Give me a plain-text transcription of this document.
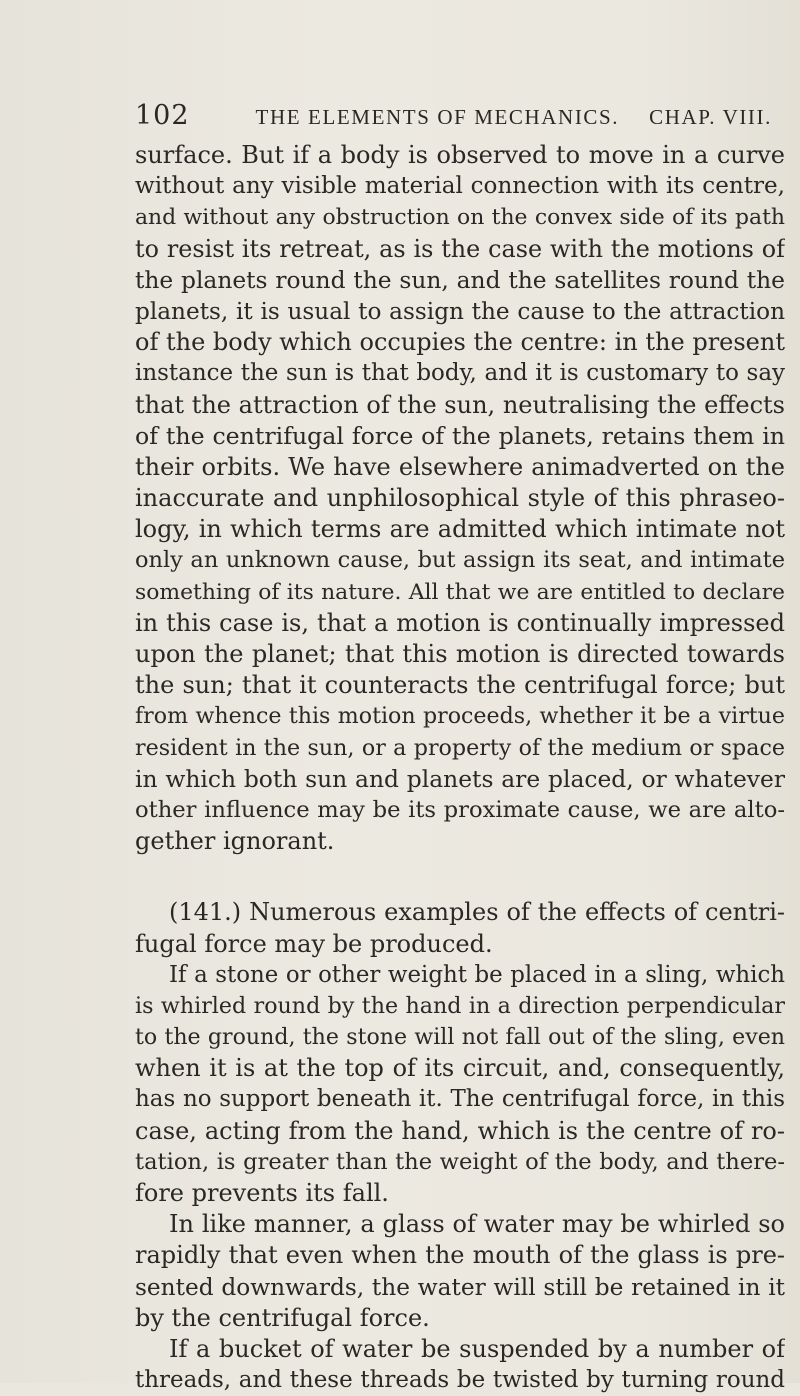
102	THE ELEMENTS OF MECHANICS. CHAP. VIII.
surface. But if a body is observed to move in a curve
without any visible material connection with its centre,
and without any obstruction on the convex side of its path
to resist its retreat, as is the case with the motions of
the planets round the sun, and the satellites round the
planets, it is usual to assign the cause to the attraction
of the body which occupies the centre: in the present
instance the sun is that body, and it is customary to say
that the attraction of the sun, neutralising the effects
of the centrifugal force of the planets, retains them in
their orbits. We have elsewhere animadverted on the
inaccurate and unphilosophical style of this phraseo-
logy, in which terms are admitted which intimate not
only an unknown cause, but assign its seat, and intimate
something of its nature. All that we are entitled to declare
in this case is, that a motion is continually impressed
upon the planet; that this motion is directed towards
the sun; that it counteracts the centrifugal force; but
from whence this motion proceeds, whether it be a virtue
resident in the sun, or a property of the medium or space
in which both sun and planets are placed, or whatever
other influence may be its proximate cause, we are alto-
gether ignorant.
(141.) Numerous examples of the effects of centri-
fugal force may be produced.
If a stone or other weight be placed in a sling, which
is whirled round by the hand in a direction perpendicular
to the ground, the stone will not fall out of the sling, even
when it is at the top of its circuit, and, consequently,
has no support beneath it. The centrifugal force, in this
case, acting from the hand, which is the centre of ro-
tation, is greater than the weight of the body, and there-
fore prevents its fall.
In like manner, a glass of water may be whirled so
rapidly that even when the mouth of the glass is pre-
sented downwards, the water will still be retained in it
by the centrifugal force.
If a bucket of water be suspended by a number of
threads, and these threads be twisted by turning round
